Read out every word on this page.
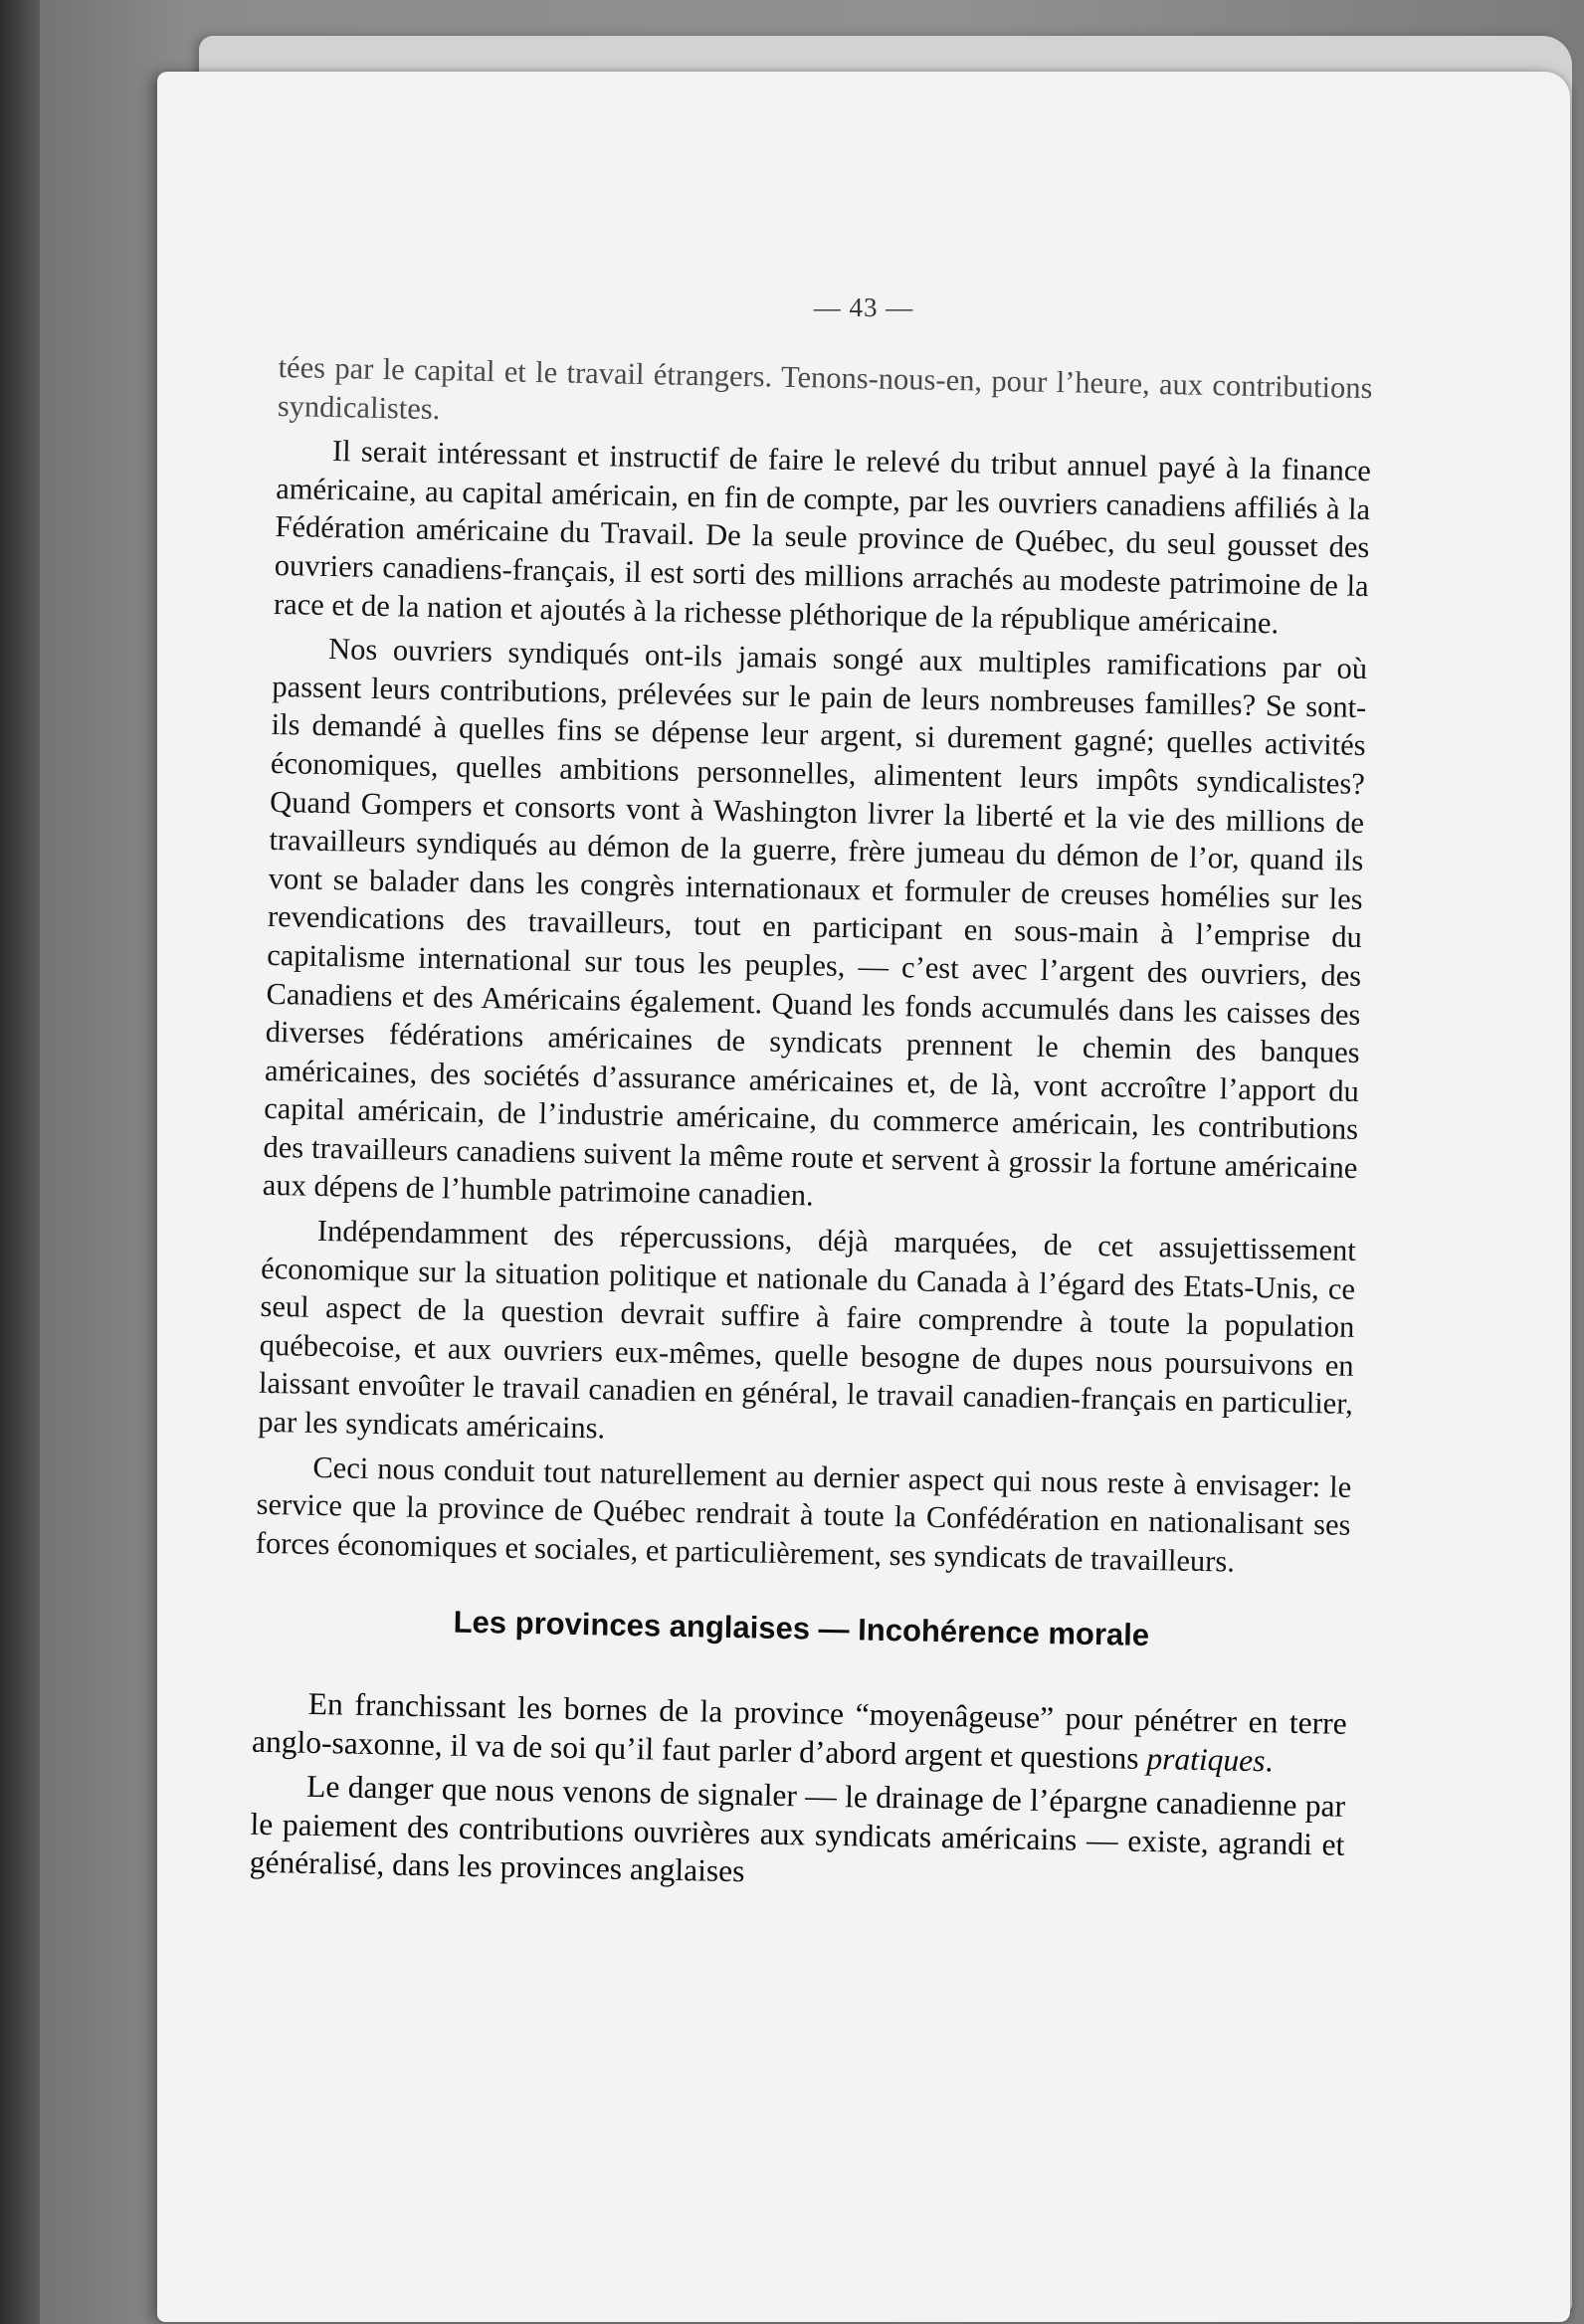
— 43 —

tées par le capital et le travail étrangers. Tenons-nous-en, pour l’heure, aux contributions syndicalistes.

Il serait intéressant et instructif de faire le relevé du tribut annuel payé à la finance américaine, au capital américain, en fin de compte, par les ouvriers canadiens affiliés à la Fédération américaine du Travail. De la seule province de Québec, du seul gousset des ouvriers canadiens-français, il est sorti des millions arrachés au modeste patrimoine de la race et de la nation et ajoutés à la richesse pléthorique de la république américaine.

Nos ouvriers syndiqués ont-ils jamais songé aux multiples ramifications par où passent leurs contributions, prélevées sur le pain de leurs nombreuses familles? Se sont-ils demandé à quelles fins se dépense leur argent, si durement gagné; quelles activités économiques, quelles ambitions personnelles, alimentent leurs impôts syndicalistes? Quand Gompers et consorts vont à Washington livrer la liberté et la vie des millions de travailleurs syndiqués au démon de la guerre, frère jumeau du démon de l’or, quand ils vont se balader dans les congrès internationaux et formuler de creuses homélies sur les revendications des travailleurs, tout en participant en sous-main à l’emprise du capitalisme international sur tous les peuples, — c’est avec l’argent des ouvriers, des Canadiens et des Américains également. Quand les fonds accumulés dans les caisses des diverses fédérations américaines de syndicats prennent le chemin des banques américaines, des sociétés d’assurance américaines et, de là, vont accroître l’apport du capital américain, de l’industrie américaine, du commerce américain, les contributions des travailleurs canadiens suivent la même route et servent à grossir la fortune américaine aux dépens de l’humble patrimoine canadien.

Indépendamment des répercussions, déjà marquées, de cet assujettissement économique sur la situation politique et nationale du Canada à l’égard des Etats-Unis, ce seul aspect de la question devrait suffire à faire comprendre à toute la population québecoise, et aux ouvriers eux-mêmes, quelle besogne de dupes nous poursuivons en laissant envoûter le travail canadien en général, le travail canadien-français en particulier, par les syndicats américains.

Ceci nous conduit tout naturellement au dernier aspect qui nous reste à envisager: le service que la province de Québec rendrait à toute la Confédération en nationalisant ses forces économiques et sociales, et particulièrement, ses syndicats de travailleurs.

Les provinces anglaises — Incohérence morale

En franchissant les bornes de la province “moyenâgeuse” pour pénétrer en terre anglo-saxonne, il va de soi qu’il faut parler d’abord argent et questions pratiques.

Le danger que nous venons de signaler — le drainage de l’épargne canadienne par le paiement des contributions ouvrières aux syndicats américains — existe, agrandi et généralisé, dans les provinces anglaises
